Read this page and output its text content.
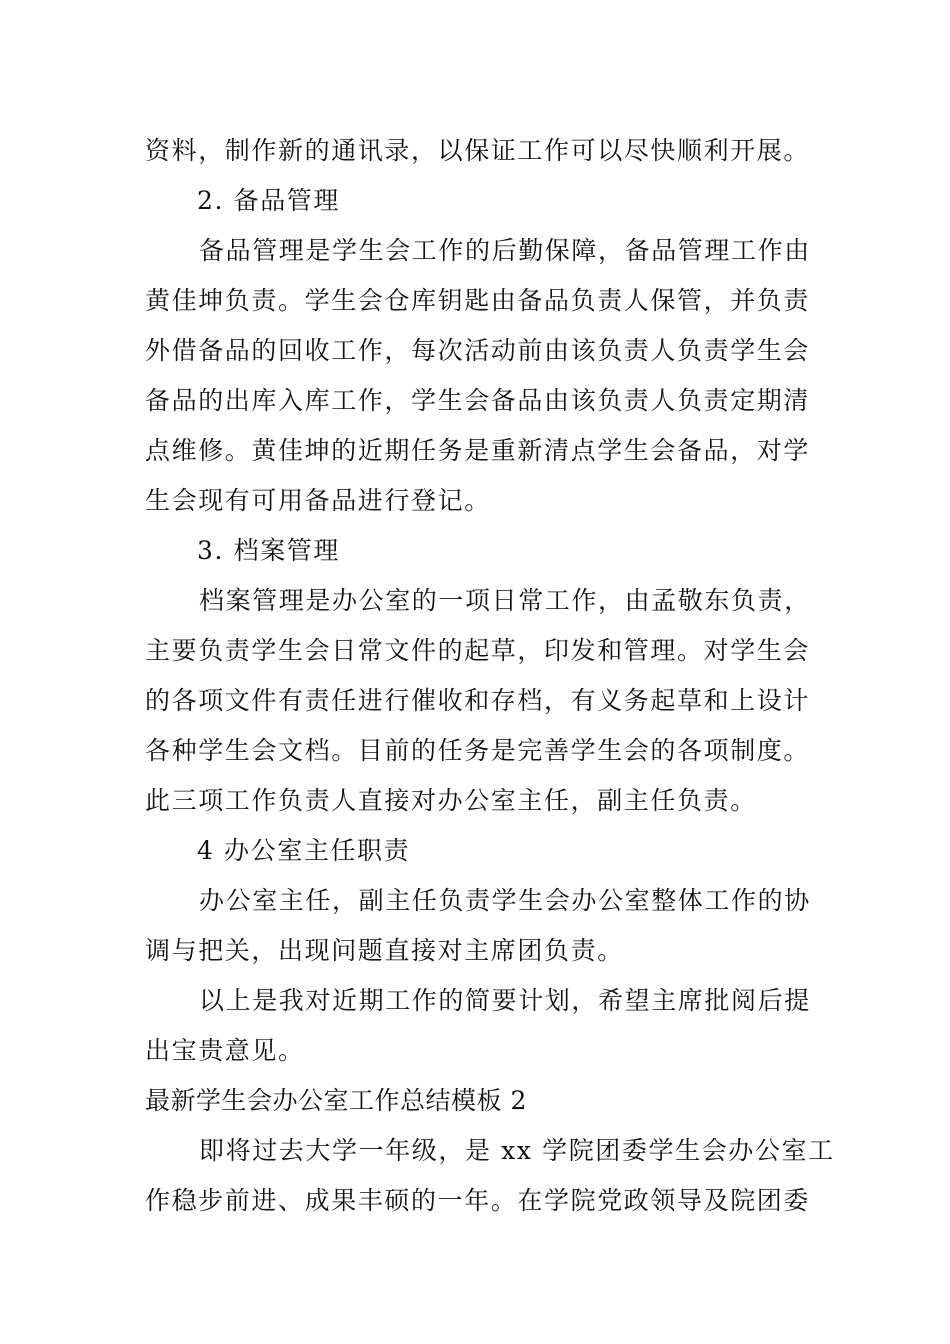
资料，制作新的通讯录，以保证工作可以尽快顺利开展。
2. 备品管理
备品管理是学生会工作的后勤保障，备品管理工作由
黄佳坤负责。学生会仓库钥匙由备品负责人保管，并负责
外借备品的回收工作，每次活动前由该负责人负责学生会
备品的出库入库工作，学生会备品由该负责人负责定期清
点维修。黄佳坤的近期任务是重新清点学生会备品，对学
生会现有可用备品进行登记。
3. 档案管理
档案管理是办公室的一项日常工作，由孟敬东负责，
主要负责学生会日常文件的起草，印发和管理。对学生会
的各项文件有责任进行催收和存档，有义务起草和上设计
各种学生会文档。目前的任务是完善学生会的各项制度。
此三项工作负责人直接对办公室主任，副主任负责。
4 办公室主任职责
办公室主任，副主任负责学生会办公室整体工作的协
调与把关，出现问题直接对主席团负责。
以上是我对近期工作的简要计划，希望主席批阅后提
出宝贵意见。
最新学生会办公室工作总结模板 2
即将过去大学一年级，是 xx 学院团委学生会办公室工
作稳步前进、成果丰硕的一年。在学院党政领导及院团委
